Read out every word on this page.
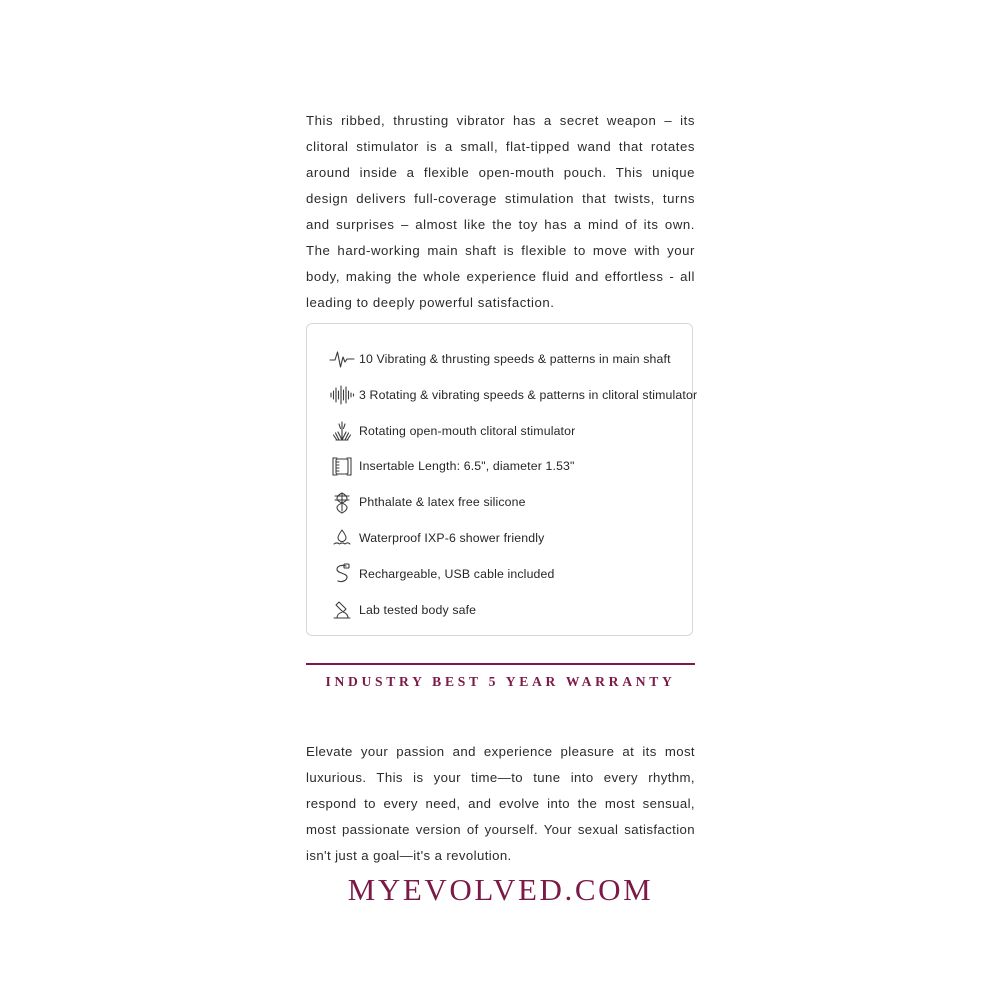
This ribbed, thrusting vibrator has a secret weapon – its clitoral stimulator is a small, flat-tipped wand that rotates around inside a flexible open-mouth pouch. This unique design delivers full-coverage stimulation that twists, turns and surprises – almost like the toy has a mind of its own. The hard-working main shaft is flexible to move with your body, making the whole experience fluid and effortless - all leading to deeply powerful satisfaction.

10 Vibrating & thrusting speeds & patterns in main shaft
3 Rotating & vibrating speeds & patterns in clitoral stimulator
Rotating open-mouth clitoral stimulator
Insertable Length: 6.5", diameter 1.53"
Phthalate & latex free silicone
Waterproof IXP-6 shower friendly
Rechargeable, USB cable included
Lab tested body safe
INDUSTRY BEST 5 YEAR WARRANTY

Elevate your passion and experience pleasure at its most luxurious. This is your time—to tune into every rhythm, respond to every need, and evolve into the most sensual, most passionate version of yourself. Your sexual satisfaction isn't just a goal—it's a revolution.

MYEVOLVED.COM
